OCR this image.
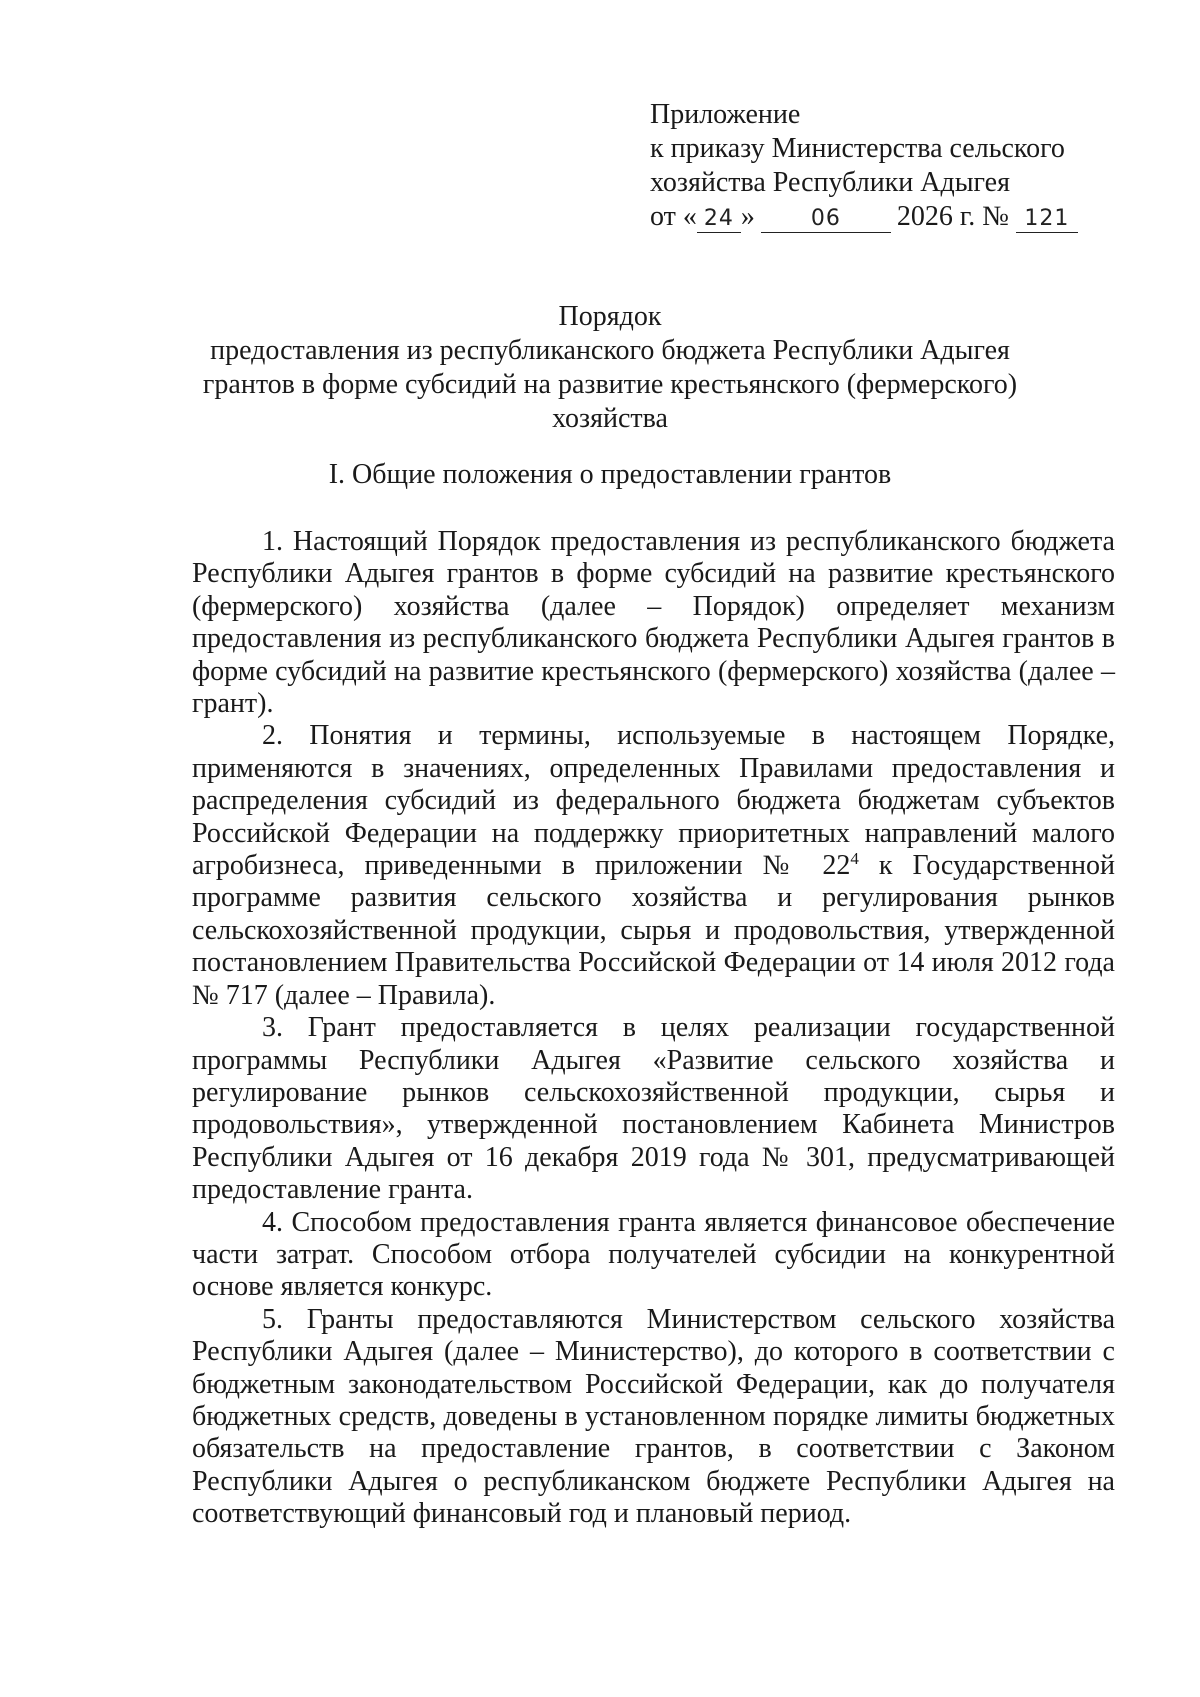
Приложение
к приказу Министерства сельского
хозяйства Республики Адыгея
от « 24 »	06 2026 г. № 121
Порядок
предоставления из республиканского бюджета Республики Адыгея
грантов в форме субсидий на развитие крестьянского (фермерского)
хозяйства
I. Общие положения о предоставлении грантов

1. Настоящий Порядок предоставления из республиканского бюджета Республики Адыгея грантов в форме субсидий на развитие крестьянского (фермерского) хозяйства (далее – Порядок) определяет механизм предоставления из республиканского бюджета Республики Адыгея грантов в форме субсидий на развитие крестьянского (фермерского) хозяйства (далее – грант).

2. Понятия и термины, используемые в настоящем Порядке, применяются в значениях, определенных Правилами предоставления и распределения субсидий из федерального бюджета бюджетам субъектов Российской Федерации на поддержку приоритетных направлений малого агробизнеса, приведенными в приложении № $22^4$ к Государственной программе развития сельского хозяйства и регулирования рынков сельскохозяйственной продукции, сырья и продовольствия, утвержденной постановлением Правительства Российской Федерации от 14 июля 2012 года № 717 (далее – Правила).

3. Грант предоставляется в целях реализации государственной программы Республики Адыгея «Развитие сельского хозяйства и регулирование рынков сельскохозяйственной продукции, сырья и продовольствия», утвержденной постановлением Кабинета Министров Республики Адыгея от 16 декабря 2019 года № 301, предусматривающей предоставление гранта.

4. Способом предоставления гранта является финансовое обеспечение части затрат. Способом отбора получателей субсидии на конкурентной основе является конкурс.

5. Гранты предоставляются Министерством сельского хозяйства Республики Адыгея (далее – Министерство), до которого в соответствии с бюджетным законодательством Российской Федерации, как до получателя бюджетных средств, доведены в установленном порядке лимиты бюджетных обязательств на предоставление грантов, в соответствии с Законом Республики Адыгея о республиканском бюджете Республики Адыгея на соответствующий финансовый год и плановый период.
